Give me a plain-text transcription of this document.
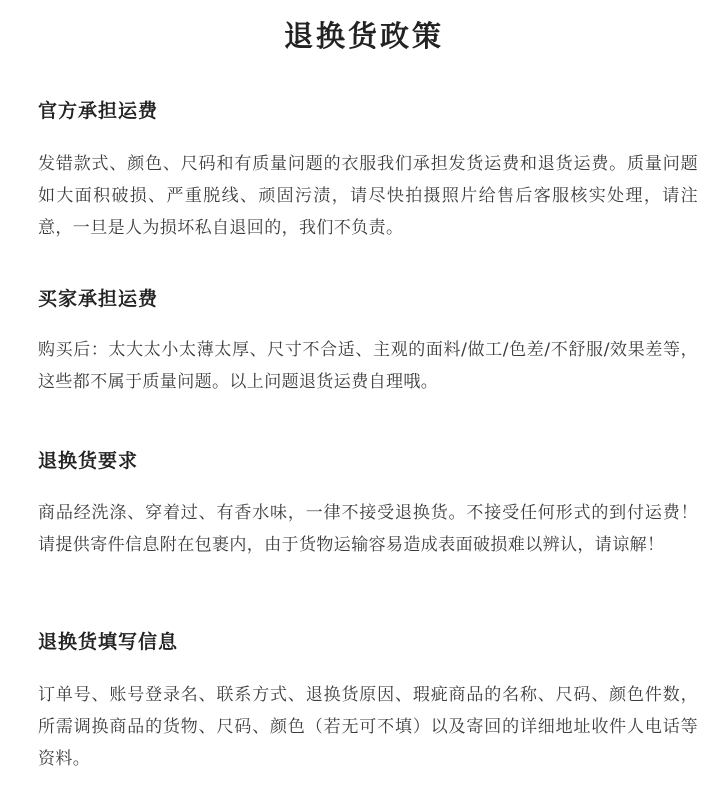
退换货政策
官方承担运费

发错款式、颜色、尺码和有质量问题的衣服我们承担发货运费和退货运费。质量问题如大面积破损、严重脱线、顽固污渍，请尽快拍摄照片给售后客服核实处理，请注意，一旦是人为损坏私自退回的，我们不负责。

买家承担运费

购买后：太大太小太薄太厚、尺寸不合适、主观的面料/做工/色差/不舒服/效果差等，这些都不属于质量问题。以上问题退货运费自理哦。

退换货要求

商品经洗涤、穿着过、有香水味，一律不接受退换货。不接受任何形式的到付运费！请提供寄件信息附在包裹内，由于货物运输容易造成表面破损难以辨认，请谅解！

退换货填写信息

订单号、账号登录名、联系方式、退换货原因、瑕疵商品的名称、尺码、颜色件数，所需调换商品的货物、尺码、颜色（若无可不填）以及寄回的详细地址收件人电话等资料。
